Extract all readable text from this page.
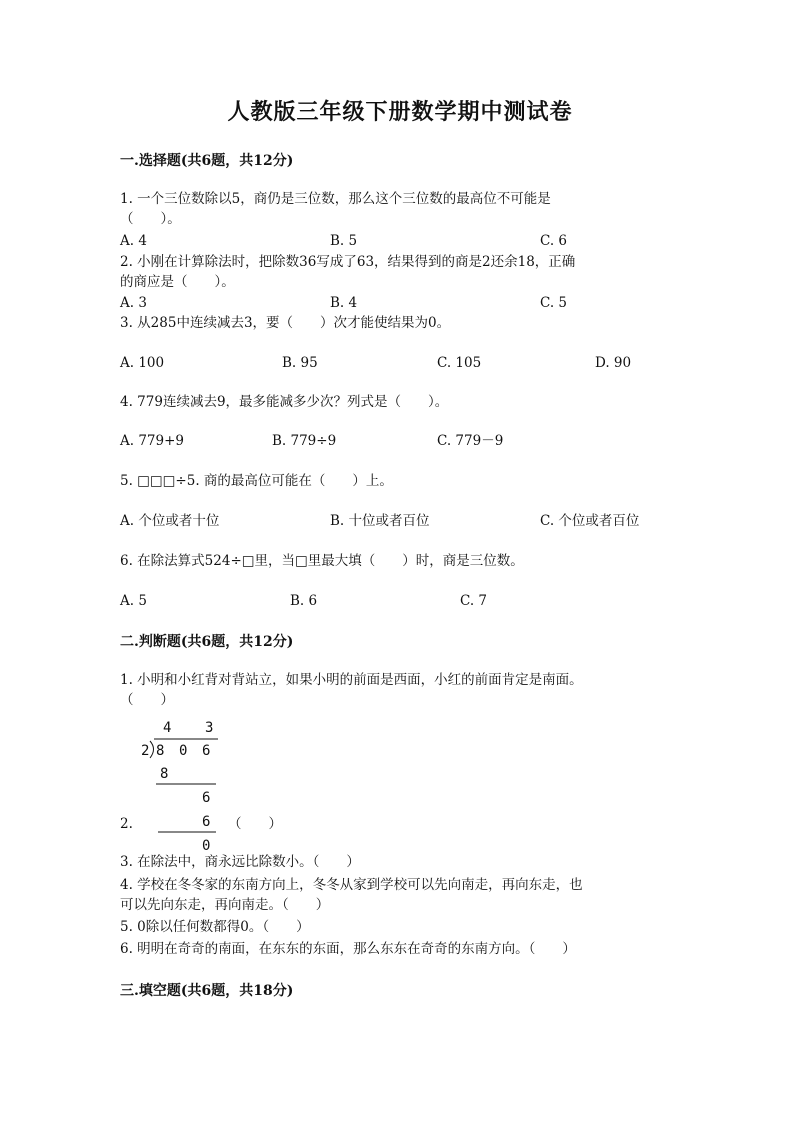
人教版三年级下册数学期中测试卷
一.选择题(共6题，共12分)
1. 一个三位数除以5，商仍是三位数，那么这个三位数的最高位不可能是
（　　）。
A. 4	B. 5	C. 6
2. 小刚在计算除法时，把除数36写成了63，结果得到的商是2还余18，正确
的商应是（　　）。
A. 3	B. 4	C. 5
3. 从285中连续减去3，要（　　）次才能使结果为0。
A. 100	B. 95	C. 105	D. 90
4. 779连续减去9，最多能减多少次？列式是（　　）。
A. 779+9	B. 779÷9	C. 779－9
5. □□□÷5. 商的最高位可能在（　　）上。
A. 个位或者十位	B. 十位或者百位	C. 个位或者百位
6. 在除法算式524÷□里，当□里最大填（　　）时，商是三位数。
A. 5	B. 6	C. 7
二.判断题(共6题，共12分)
1. 小明和小红背对背站立，如果小明的前面是西面，小红的前面肯定是南面。
（　　）
4 3
2 8 0 6
8
6
6
0
2.	（　　）
3. 在除法中，商永远比除数小。（　　）
4. 学校在冬冬家的东南方向上，冬冬从家到学校可以先向南走，再向东走，也
可以先向东走，再向南走。（　　）
5. 0除以任何数都得0。（　　）
6. 明明在奇奇的南面，在东东的东面，那么东东在奇奇的东南方向。（　　）
三.填空题(共6题，共18分)
